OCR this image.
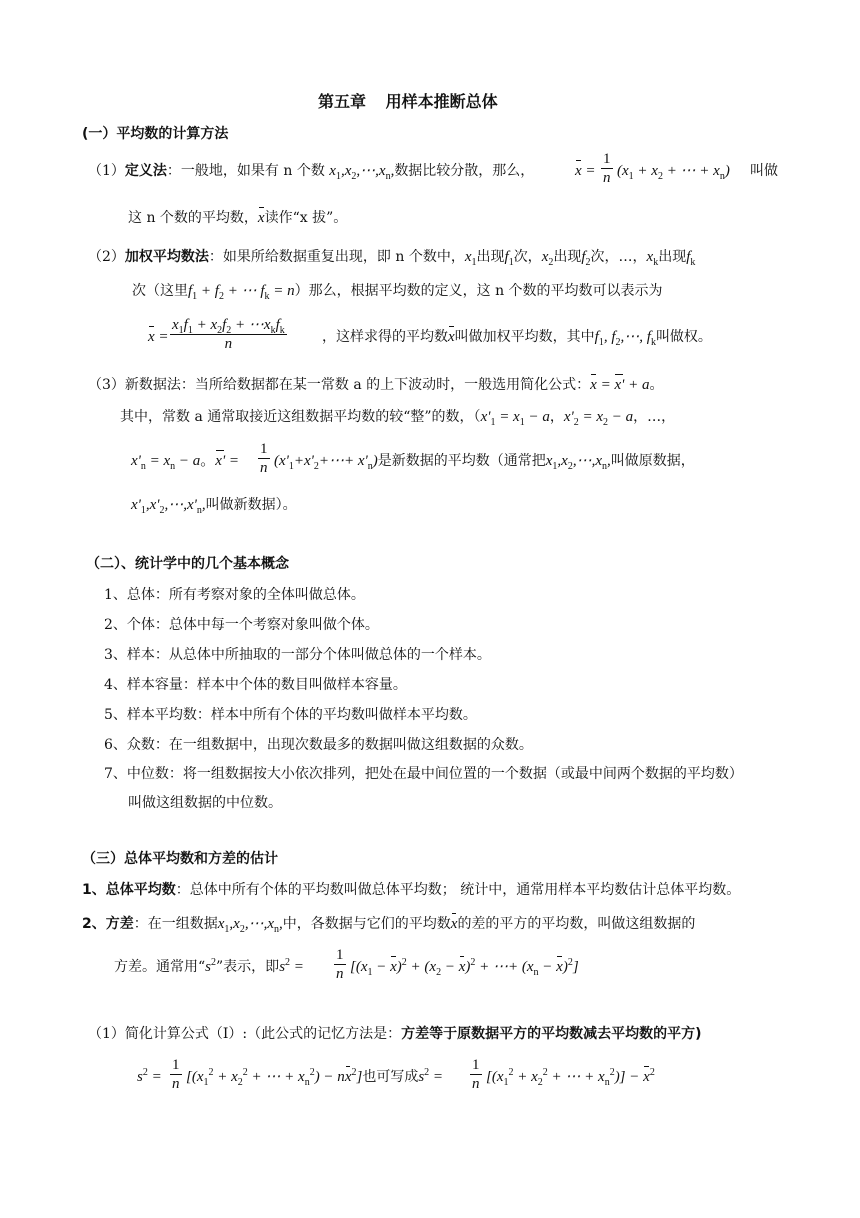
第五章 用样本推断总体
(一）平均数的计算方法
（1）定义法：一般地，如果有 n 个数 $x_1,x_2,\cdots,x_n$,数据比较分散，那么，	$x = \frac{1}{n} (x_1 + x_2$ + ⋯ + $x_n$) 叫做
这 n 个数的平均数，x读作“x 拔”。
（2）加权平均数法：如果所给数据重复出现，即 n 个数中，$x_1$出现$f_1$次，$x_2$出现$f_2$次，…，$x_k$出现$f_k$
次（这里$f_1 + f_2$ + ⋯ $f_k = n$）那么，根据平均数的定义，这 n 个数的平均数可以表示为
x =
$x_1f_1 + x_2f_2$ + $\cdots x_kf_k$
n	，这样求得的平均数x叫做加权平均数，其中$f_1$, $f_2,\cdots$, $f_k$叫做权。
（3）新数据法：当所给数据都在某一常数 a 的上下波动时，一般选用简化公式：x = x' + a。
其中，常数 a 通常取接近这组数据平均数的较“整”的数，（$x'_1 = x_1 - a$，$x'_2 = x_2 - a$，…，
$x'_n = x_n - a$。$x' = \frac{1}{n}$ $(x'_1+x'_2+\cdots+ x'_n)$是新数据的平均数（通常把$x_1,x_2,\cdots,x_n$,叫做原数据，
$x'_1,x'_2,\cdots,x'_n$,叫做新数据）。
（二）、统计学中的几个基本概念
1、总体：所有考察对象的全体叫做总体。
2、个体：总体中每一个考察对象叫做个体。
3、样本：从总体中所抽取的一部分个体叫做总体的一个样本。
4、样本容量：样本中个体的数目叫做样本容量。
5、样本平均数：样本中所有个体的平均数叫做样本平均数。
6、众数：在一组数据中，出现次数最多的数据叫做这组数据的众数。
7、中位数：将一组数据按大小依次排列，把处在最中间位置的一个数据（或最中间两个数据的平均数）
叫做这组数据的中位数。
（三）总体平均数和方差的估计
1、总体平均数：总体中所有个体的平均数叫做总体平均数； 统计中，通常用样本平均数估计总体平均数。
2、方差：在一组数据$x_1,x_2,\cdots,x_n$,中，各数据与它们的平均数x的差的平方的平均数，叫做这组数据的
方差。通常用“$s^2$”表示，即$s^2 = \frac{1}{n} [(x_1 - x)^2 + (x_2 - x)^2$ + ⋯+ $(x_n - x)^2$]
（1）简化计算公式（Ⅰ）:（此公式的记忆方法是：方差等于原数据平方的平均数减去平均数的平方)
$s^2 = \frac{1}{n} [(x_1^2 + x_2^2$ + ⋯ + $x_n^2) - nx^2$]也可写成$s^2 = \frac{1}{n} [(x_1^2 + x_2^2$ + ⋯ + $x_n^2)] - x^2$
